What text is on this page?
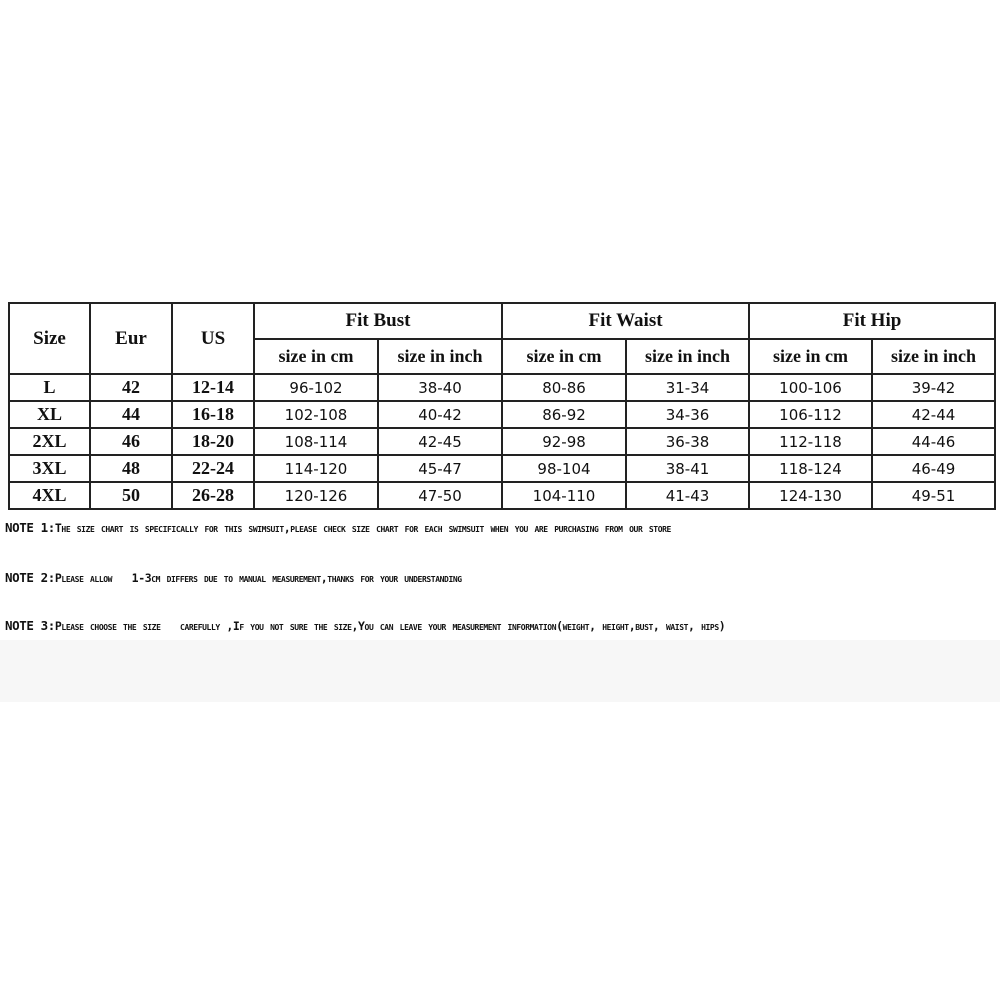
Size	Eur	US	Fit Bust		Fit Waist		Fit Hip	
			size in cm	size in inch	size in cm	size in inch	size in cm	size in inch
L	42	12-14	96-102	38-40	80-86	31-34	100-106	39-42
XL	44	16-18	102-108	40-42	86-92	34-36	106-112	42-44
2XL	46	18-20	108-114	42-45	92-98	36-38	112-118	44-46
3XL	48	22-24	114-120	45-47	98-104	38-41	118-124	46-49
4XL	50	26-28	120-126	47-50	104-110	41-43	124-130	49-51
NOTE 1:The size chart is specifically for this swimsuit,please check size chart for each swimsuit when you are purchasing from our store
NOTE 2:Please allow   1-3cm differs due to manual measurement,thanks for your understanding
NOTE 3:Please choose the size   carefully ,If you not sure the size,You can leave your measurement information(weight, height,bust, waist, hips)
